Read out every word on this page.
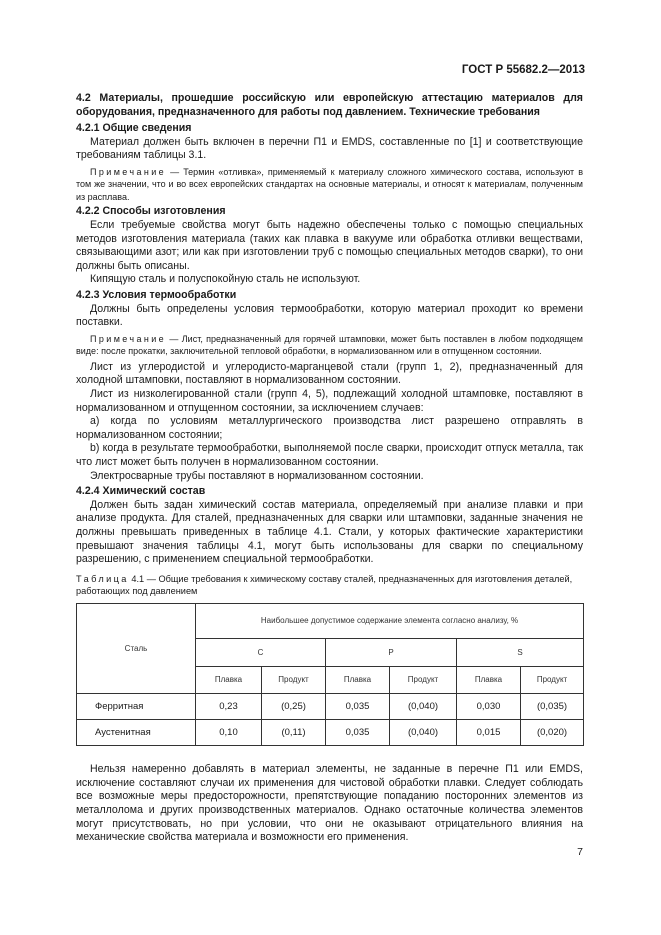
ГОСТ Р 55682.2—2013

4.2 Материалы, прошедшие российскую или европейскую аттестацию материалов для оборудования, предназначенного для работы под давлением. Технические требования

4.2.1 Общие сведения

Материал должен быть включен в перечни П1 и EMDS, составленные по [1] и соответствующие требованиям таблицы 3.1.

Примечание — Термин «отливка», применяемый к материалу сложного химического состава, используют в том же значении, что и во всех европейских стандартах на основные материалы, и относят к материалам, полученным из расплава.

4.2.2 Способы изготовления

Если требуемые свойства могут быть надежно обеспечены только с помощью специальных методов изготовления материала (таких как плавка в вакууме или обработка отливки веществами, связывающими азот; или как при изготовлении труб с помощью специальных методов сварки), то они должны быть описаны.

Кипящую сталь и полуспокойную сталь не используют.

4.2.3 Условия термообработки

Должны быть определены условия термообработки, которую материал проходит ко времени поставки.

Примечание — Лист, предназначенный для горячей штамповки, может быть поставлен в любом подходящем виде: после прокатки, заключительной тепловой обработки, в нормализованном или в отпущенном состоянии.

Лист из углеродистой и углеродисто-марганцевой стали (групп 1, 2), предназначенный для холодной штамповки, поставляют в нормализованном состоянии.

Лист из низколегированной стали (групп 4, 5), подлежащий холодной штамповке, поставляют в нормализованном и отпущенном состоянии, за исключением случаев:

а) когда по условиям металлургического производства лист разрешено отправлять в нормализованном состоянии;

b) когда в результате термообработки, выполняемой после сварки, происходит отпуск металла, так что лист может быть получен в нормализованном состоянии.

Электросварные трубы поставляют в нормализованном состоянии.

4.2.4 Химический состав

Должен быть задан химический состав материала, определяемый при анализе плавки и при анализе продукта. Для сталей, предназначенных для сварки или штамповки, заданные значения не должны превышать приведенных в таблице 4.1. Стали, у которых фактические характеристики превышают значения таблицы 4.1, могут быть использованы для сварки по специальному разрешению, с применением специальной термообработки.

Таблица 4.1 — Общие требования к химическому составу сталей, предназначенных для изготовления деталей, работающих под давлением

Сталь	Наибольшее допустимое содержание элемента согласно анализу, %					
	C		P		S	
	Плавка	Продукт	Плавка	Продукт	Плавка	Продукт
Ферритная	0,23	(0,25)	0,035	(0,040)	0,030	(0,035)
Аустенитная	0,10	(0,11)	0,035	(0,040)	0,015	(0,020)

Нельзя намеренно добавлять в материал элементы, не заданные в перечне П1 или EMDS, исключение составляют случаи их применения для чистовой обработки плавки. Следует соблюдать все возможные меры предосторожности, препятствующие попаданию посторонних элементов из металлолома и других производственных материалов. Однако остаточные количества элементов могут присутствовать, но при условии, что они не оказывают отрицательного влияния на механические свойства материала и возможности его применения.

7
